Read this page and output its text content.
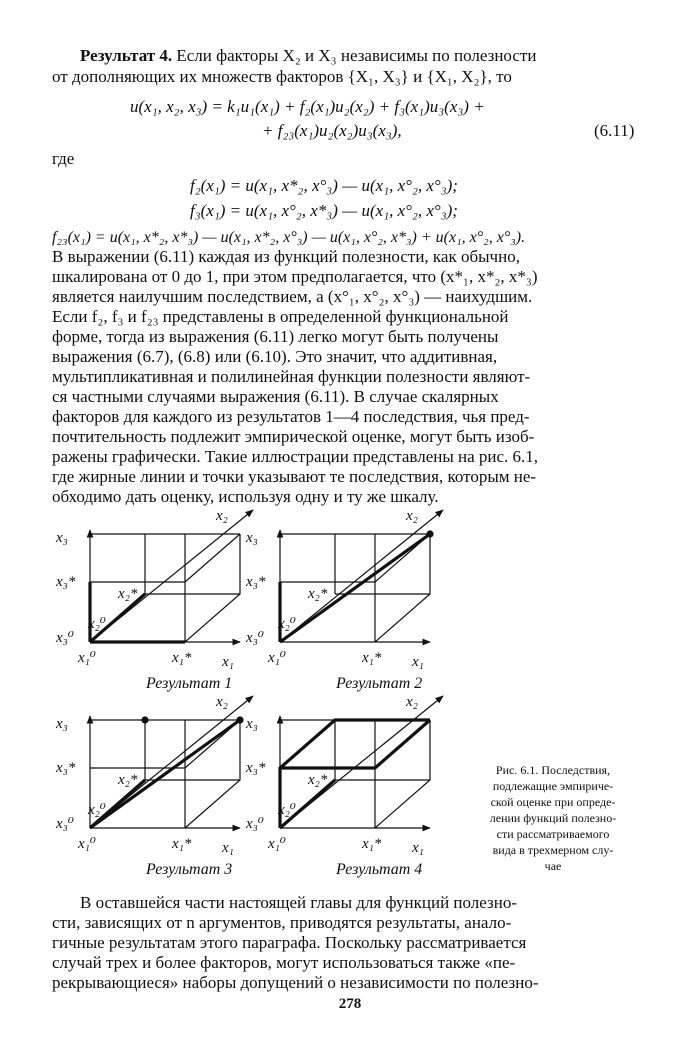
Результат 4. Если факторы X₂ и X₃ независимы по полезности
от дополняющих их множеств факторов {X₁, X₃} и {X₁, X₂}, то
u(x₁, x₂, x₃) = k₁u₁(x₁) + f₂(x₁)u₂(x₂) + f₃(x₁)u₃(x₃) +
+ f₂₃(x₁)u₂(x₂)u₃(x₃),	(6.11)
где
f₂(x₁) = u(x₁, x*₂, x°₃) — u(x₁, x°₂, x°₃);
f₃(x₁) = u(x₁, x°₂, x*₃) — u(x₁, x°₂, x°₃);
f₂₃(x₁) = u(x₁, x*₂, x*₃) — u(x₁, x*₂, x°₃) — u(x₁, x°₂, x*₃) + u(x₁, x°₂, x°₃).
В выражении (6.11) каждая из функций полезности, как обычно,
шкалирована от 0 до 1, при этом предполагается, что (x*₁, x*₂, x*₃)
является наилучшим последствием, а (x°₁, x°₂, x°₃) — наихудшим.
Если f₂, f₃ и f₂₃ представлены в определенной функциональной
форме, тогда из выражения (6.11) легко могут быть получены
выражения (6.7), (6.8) или (6.10). Это значит, что аддитивная,
мультипликативная и полилинейная функции полезности являют-
ся частными случаями выражения (6.11). В случае скалярных
факторов для каждого из результатов 1—4 последствия, чья пред-
почтительность подлежит эмпирической оценке, могут быть изоб-
ражены графически. Такие иллюстрации представлены на рис. 6.1,
где жирные линии и точки указывают те последствия, которым не-
обходимо дать оценку, используя одну и ту же шкалу.
x₃
x₃*
x₃⁰
x₂*
x₂⁰
x₁⁰	x₁* x₁
x₂
Результат 1
x₃
x₃*
x₃⁰
x₂*
x₂⁰
x₁⁰	x₁* x₁
x₂
Результат 2
x₃
x₃*
x₃⁰
x₂*
x₂⁰
x₁⁰	x₁* x₁
x₂
Результат 3
x₃
x₃*
x₃⁰
x₂*
x₂⁰
x₁⁰	x₁* x₁
x₂
Результат 4
Рис. 6.1. Последствия,
подлежащие эмпириче-
ской оценке при опреде-
лении функций полезно-
сти рассматриваемого
вида в трехмерном слу-
чае
В оставшейся части настоящей главы для функций полезно-
сти, зависящих от n аргументов, приводятся результаты, анало-
гичные результатам этого параграфа. Поскольку рассматривается
случай трех и более факторов, могут использоваться также «пе-
рекрывающиеся» наборы допущений о независимости по полезно-
278
